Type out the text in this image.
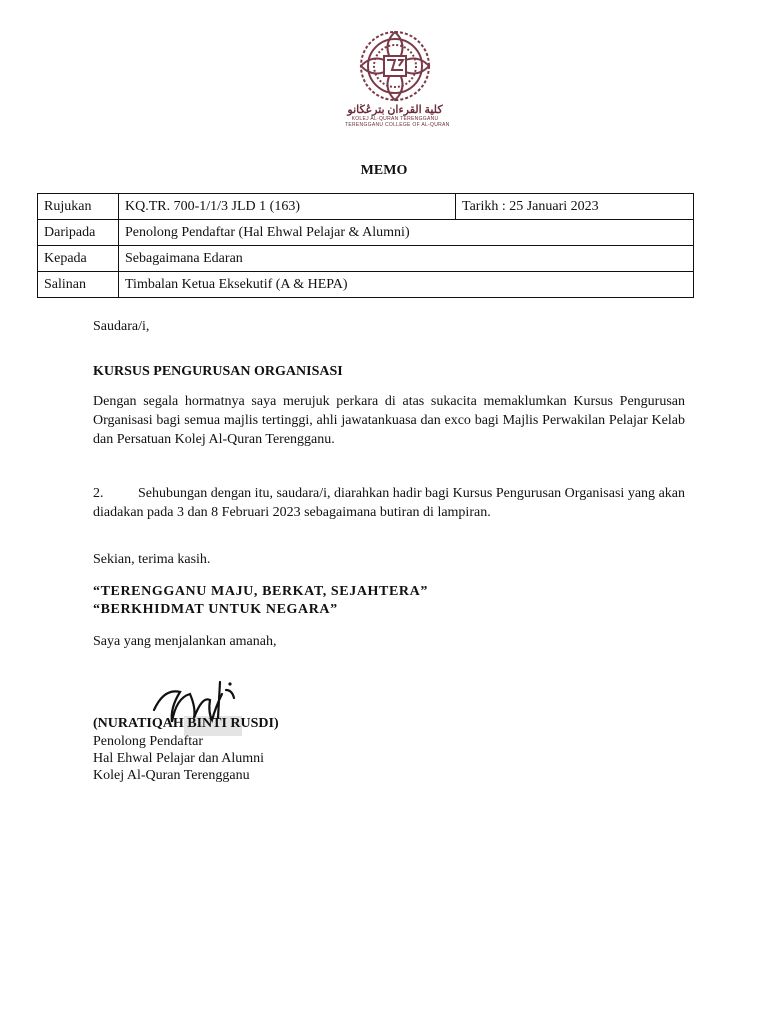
كلية القرءان بترڠڬانو
KOLEJ AL-QURAN TERENGGANU
TERENGGANU COLLEGE OF AL-QURAN
MEMO
Rujukan	KQ.TR. 700-1/1/3 JLD 1 (163)	Tarikh : 25 Januari 2023
Daripada	Penolong Pendaftar (Hal Ehwal Pelajar & Alumni)	
Kepada	Sebagaimana Edaran	
Salinan	Timbalan Ketua Eksekutif (A & HEPA)	
Saudara/i,
KURSUS PENGURUSAN ORGANISASI
Dengan segala hormatnya saya merujuk perkara di atas sukacita memaklumkan Kursus Pengurusan Organisasi bagi semua majlis tertinggi, ahli jawatankuasa dan exco bagi Majlis Perwakilan Pelajar Kelab dan Persatuan Kolej Al-Quran Terengganu.
2. Sehubungan dengan itu, saudara/i, diarahkan hadir bagi Kursus Pengurusan Organisasi yang akan diadakan pada 3 dan 8 Februari 2023 sebagaimana butiran di lampiran.
Sekian, terima kasih.
“TERENGGANU MAJU, BERKAT, SEJAHTERA”
“BERKHIDMAT UNTUK NEGARA”
Saya yang menjalankan amanah,
(NURATIQAH BINTI RUSDI)
Penolong Pendaftar
Hal Ehwal Pelajar dan Alumni
Kolej Al-Quran Terengganu
